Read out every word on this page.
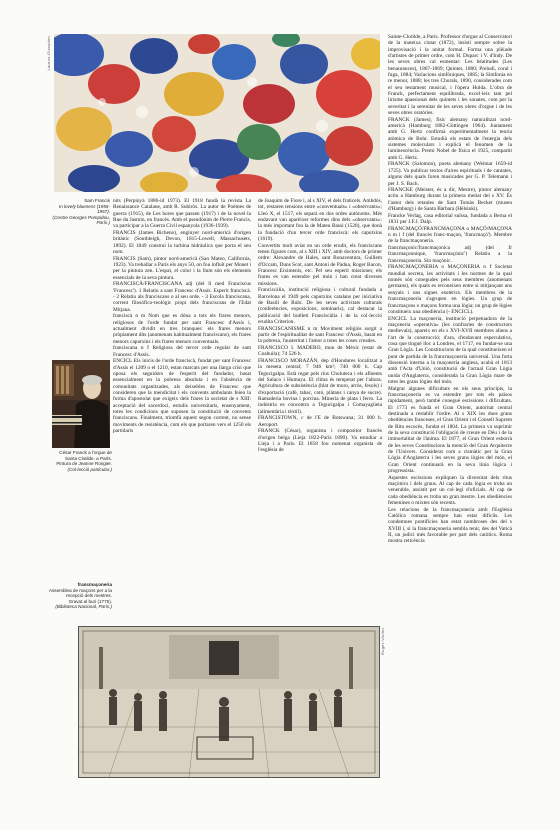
Lauros-Giraudon
Sam Francis
In lovely blueness (1955-1957).
(Centre Georges Pompidou, París.)
César Franck a l'orgue de
Santa Clotilde, a París.
Pintura de Jeanne Rongier.
(Col·lecció particular.)
francmaçoneria
Assemblea de maçons per a la
recepció dels mestres.
Gravat al buri (1775).
(Biblioteca Nacional, París.)

nits (Perpinyà 1886-id 1973). El 1918 fundà la revista La Renaissance Catalane, amb R. Subiròs. La autor de Poèmes de guerra (1915), de Les hores que passen (1917) i de la novel·la Rue du Jasmin, en francès. Amb el pseudònim de Pierre Francis, va participar a la Guerra Civil espanyola (1936-1939).

FRANCIS (James Bicheno), enginyer nord-americà d'origen britànic (Southleigh, Devon, 1815-Lowell, Massachusets, 1892). El 1849 construí la turbina hidràulica que porta el seu nom.

FRANCIS (Sam), pintor nord-americà (San Mateo, California, 1923). Va treballar a París els anys 50, on fou influït per Monet i per la pintura zen. L'espai, el color i la llum són els elements essencials de la seva pintura.

FRANCISCÀ/FRANCISCANA adj (del ll med Franciscus 'Francesc'). 1 Relatiu a sant Francesc d'Assís. Esperit franciscà. - 2 Relatiu als franciscans o al seu orde. - 3 Escola franciscana, corrent filosòfico-teològic propi dels franciscans de l'Edat Mitjana.

franciscà n m Nom que es dóna a tots els frares menors, religiosos de l'orde fundat per sant Francesc d'Assís i, actualment dividit en tres branques: els frares menors pròpiament dits (anomenats habitualment franciscans), els frares menors caputxins i els frares menors conventuals.

franciscana n f Religiosa del tercer orde regular de sant Francesc d'Assís.

ENCICL Els inicis de l'orde franciscà, fundat per sant Francesc d'Assís el 1209 o el 1210, estan marcats per una llarga crisi que oposa els seguidors de l'esperit del fundador, basat essencialment en la pobresa absoluta i en l'absència de comunitats organitzades, als deixebles de Francesc que consideren que la mendicitat i els convents ambulants feien la forma d'apostolat que exigeix dels frares la societat de s XIII: acceptació del sacerdoci, estudis universitaris, ensenyament, totes les condicions que suposen la constitució de convents franciscans. Finalment, triomfà aquest segon corrent, no sense moviments de resistència, com els que portaren vers el 1250 els partidaris

de Joaquim de Fiore i, al s XIV, el dels fraticels. Ambdós, tot, restaren tensions entre «conventuals» i «observants»; Lleó X, el 1517, els separà en dos ordes autònoms. Més endavant van aparèixer reformes dins dels «observants»: la més important fou la de Mateu Bassi (1528), que donà la fundació d'un tercer orde franciscà: els caputxins (1619).

Convertits molt aviat en un orde erudit, els franciscans tenen figures com, al s XIII i XIV, amb doctors de primer ordre: Alexandre de Hales, sant Bonaventura, Guillem d'Occam, Duns Scot, sant Antoni de Pàdua, Roger Bacon, Francesc Eiximenis, etc. Pel seu esperit missioner, els frares es van estendre pel món i han creat diverses missions.

Franciscàlia, institució religiosa i cultural fundada a Barcelona el 1949 pels caputxins catalans per iniciativa de Basili de Rubí. De les seves activitats culturals (conferències, exposicions, seminaris), cal destacar la publicació del butlletí Franciscàlia i de la col·lecció erudita Criterion.

FRANCISCANISME n m Moviment religiós sorgit a partir de l'espiritualitat de sant Francesc d'Assís, basat en la pobresa, l'austeritat i l'amor a totes les coses creades.

FRANCISCO I. MADERO, mun de Mèxic (estat de Coahuila); 74 526 h.

FRANCISCO MORAZÁN, dep d'Hondures localitzat a la meseta central; 7 946 km²; 740 000 h. Cap Tegucigalpa. Està regat pels rius Choluteca i els afluents del Sulaco i Humuya. El clima és temperat per l'altura. Agricultura de subsistència (blat de moro, arròs, fesols) i d'exportació (cafè, tabac, cotó, plàtans i canya de sucre). Ramaderia bovina i porcina. Mineria de plata i ferro. La indústria es concentra a Tegucigalpa i Comayagüela (alimentària i tèxtil).

FRANCISTOWN, c de l'E de Botswana; 31 000 h. Aeroport.

FRANCK (César), organista i compositor francès d'origen belga (Lieja 1822-París 1890). Va estudiar a Lieja i a París. El 1858 fou nomenat organista de l'església de

Sainte-Clotilde, a París. Professor d'orgue al Conservatori de la mateixa ciutat (1872), insistí sempre sobre la improvisació i la unitat formal. Forma una plèiade d'artistes de primer ordre, com H. Duparc i V. d'Indy. De les seves obres cal esmentar: Les béatitudes (Les benaurances), 1867-1869; Quintet, 1880; Preludi, coral i fuga, 1884; Variacions simfòniques, 1885; la Simfonia en re menor, 1888; les tres Chorals, 1890, considerades com el seu testament musical, i l'òpera Hulda. L'obra de Franck, perfectament equilibrada, excel·leix tant pel lirisme apassionat dels quintets i les sonates, com per la severitat i la serenitat de les seves obres d'orgue i de les seves obres oratòries.

FRANCK (James), físic alemany naturalitzat nord-americà (Hamburg 1882-Göttingen 1964). Juntament amb G. Hertz confirmà experimentalment la teoria atòmica de Bohr. Estudià els estats de l'energia dels sistemes moleculars i explicà el fenomen de la luminescència. Premi Nobel de física el 1925, compartit amb G. Hertz.

FRANCK (Salomon), poeta alemany (Weimar 1659-id 1725). Va publicar textos d'aires espirituals i de cantates, alguns dels quals foren musicades per G. P. Telemann i per J. S. Bach.

FRANCKE (Meister, és a dir, Mestre), pintor alemany actiu a Hamburg durant la primera meitat del s XV. És l'autor dels retaules de Sant Tomàs Becket (museu d'Hamburg) i de Santa Bàrbara (Hèlsinki).

Francke Verlag, casa editorial suïssa, fundada a Berna el 1831 per J.F.J. Dalp.

FRANCMAÇÓ/FRANCMAÇONA o MAÇÓ/MAÇONA n m i f (del francès franc-maçon, 'francmaçó'). Membre de la francmaçoneria.

francmaçonic/francmaçonica adj (del fr francmaçonnique, 'francmaçònic') Relatiu a la francmaçoneria. Sin maçònic.

FRANCMAÇONERIA o MAÇONERIA n f Societat mundial secreta, les activitats i les normes de la qual només són conegudes pels seus membres (anomenats germans), els quals es reconeixen entre si mitjançant uns senyals i uns signes esotèrics. Els membres de la francmaçoneria s'agrupen en lògies. Un grup de francmaçons o maçons forma una lògia; un grup de lògies constitueix una obediència (- ENCICL).

ENCICL La maçoneria, institució perpetuadora de la maçoneria «operativa» (les confraries de constructors medievals), apareix en els s XVI-XVII membres aliens a l'art de la construcció; d'ara, d'endavant especulativa, cosa que tingué lloc a Londres, el 1717, en fundar-se una Gran Lògia. Les Constitucions de la qual constitueixen el punt de partida de la francmaçoneria universal. Una forta dissensió interna a la maçoneria anglesa, acabà el 1813 amb l'Acta d'Unió, constitució de l'actual Gran Lògia unida d'Anglaterra, considerada la Gran Lògia mare de totes les grans lògies del món.

Malgrat algunes dificultats en els seus principis, la francmaçoneria es va estendre per tots els països ràpidament, però també conegué escissions i dificultats. El 1773 es fundà el Gran Orient, autoritat central destinada a restablir l'ordre. Al s XIX les dues grans obediències franceses, el Gran Orient i el Consell Suprem de Ritu escocès, fundat el 1804. La primera va suprimir de la seva constitució l'obligació de creure en Déu i de la immortalitat de l'ànima. El 1877, el Gran Orient esborrà de les seves Constitucions la menció del Gran Arquitecte de l'Univers. Considerat com a cismàtic per la Gran Lògia d'Anglaterra i les seves grans lògies del món, el Gran Orient continuarà en la seva línia lògica i progressista.

Aquestes escissions expliquen la diversitat dels ritus maçònics i dels graus. Al cap de cada lògia es troba un venerable, assistit per un col·legi d'oficials. Al cap de cada obediència es troba un gran mestre. Les obediències femenines o mixtes són recents.

Les relacions de la francmaçoneria amb l'Església Catòlica romana sempre han estat difícils. Les condemnes pontifícies han estat nombroses des del s XVIII i, si la francmaçoneria sembla tenir, des del Vaticà II, un judici més favorable per part dels catòlics. Roma mostra reticència

Roger-Viollet
